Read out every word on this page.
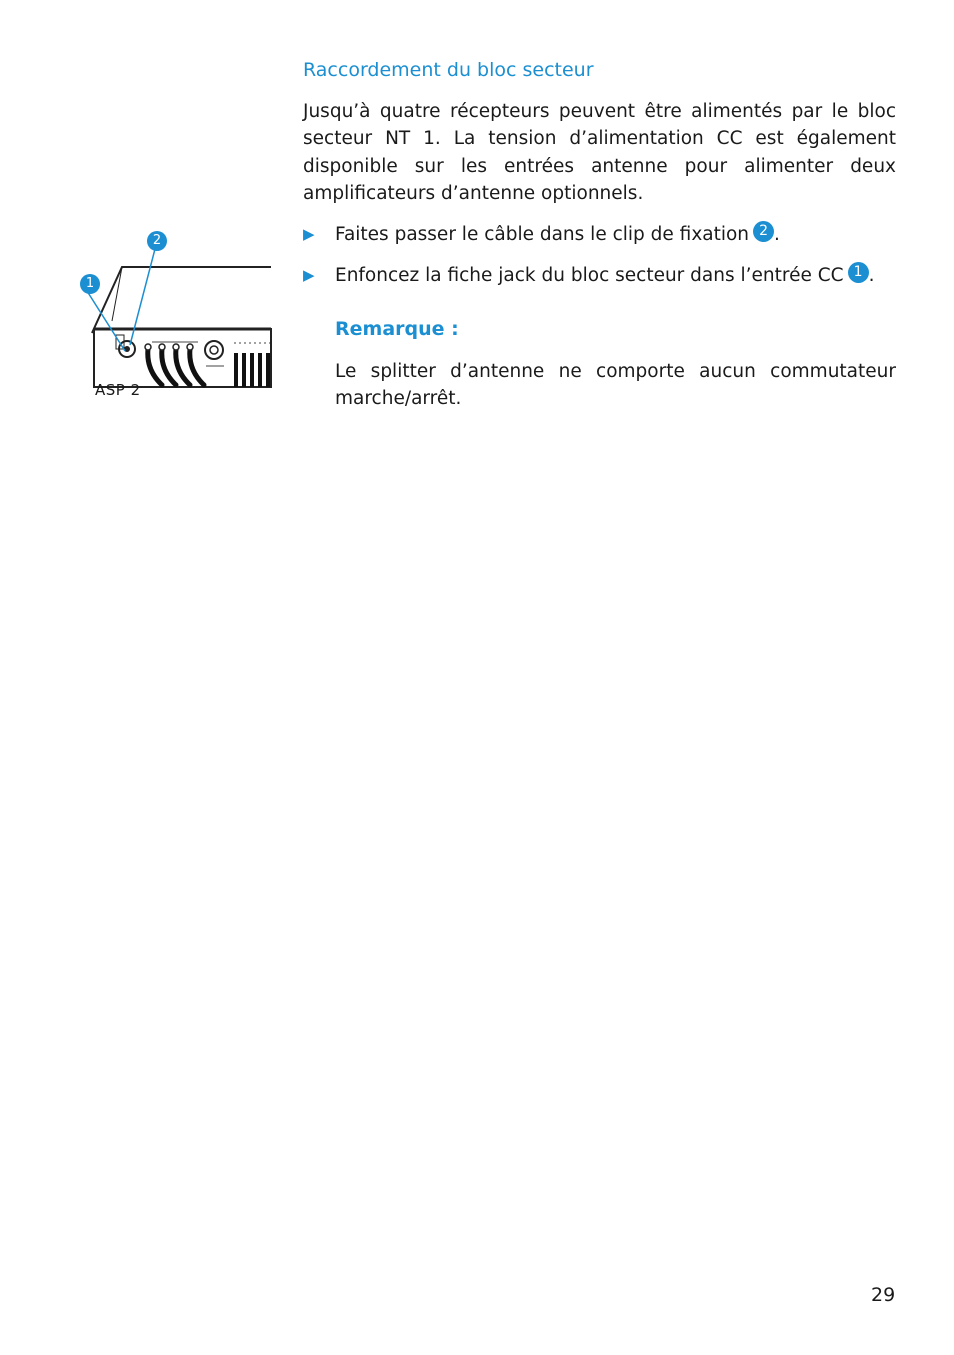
Raccordement du bloc secteur

Jusqu’à quatre récepteurs peuvent être alimentés par le bloc secteur NT 1. La tension d’alimentation CC est également disponible sur les entrées antenne pour alimenter deux amplificateurs d’antenne optionnels.

▶	Faites passer le câble dans le clip de fixation 2 .
▶	Enfoncez la fiche jack du bloc secteur dans l’entrée CC 1 .
Remarque :

Le splitter d’antenne ne comporte aucun commutateur marche/arrêt.

2
1
ASP 2
29
